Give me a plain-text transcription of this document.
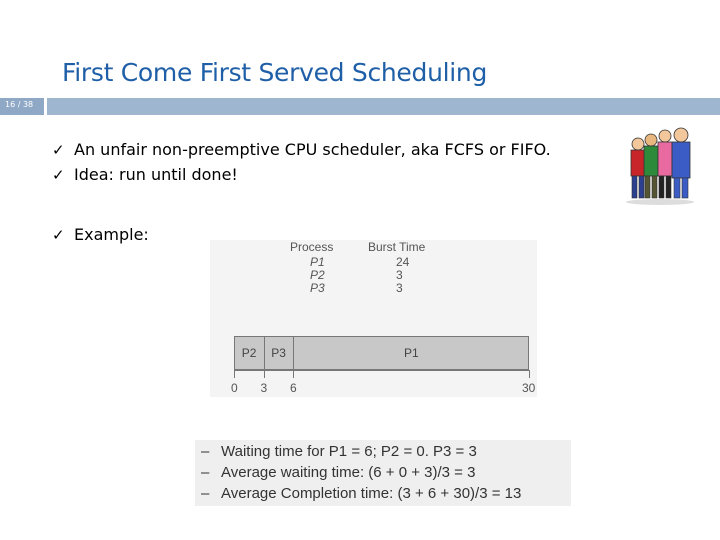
First Come First Served Scheduling
16 / 38
✓ An unfair non-preemptive CPU scheduler, aka FCFS or FIFO.
✓ Idea: run until done!
✓ Example:
Process	Burst Time
P1	24
P2	3
P3	3
P2 P3	P1
0 3 6	30
– Waiting time for P1 = 6; P2 = 0. P3 = 3
– Average waiting time: (6 + 0 + 3)/3 = 3
– Average Completion time: (3 + 6 + 30)/3 = 13
